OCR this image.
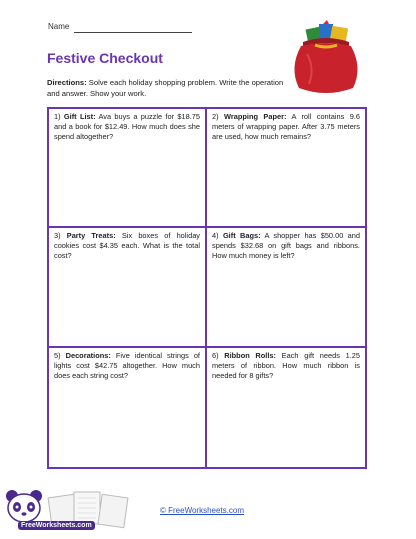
Name
Festive Checkout
Directions: Solve each holiday shopping problem. Write the operation and answer. Show your work.
1) Gift List: Ava buys a puzzle for $18.75 and a book for $12.49. How much does she spend altogether?
2) Wrapping Paper: A roll contains 9.6 meters of wrapping paper. After 3.75 meters are used, how much remains?
3) Party Treats: Six boxes of holiday cookies cost $4.35 each. What is the total cost?
4) Gift Bags: A shopper has $50.00 and spends $32.68 on gift bags and ribbons. How much money is left?
5) Decorations: Five identical strings of lights cost $42.75 altogether. How much does each string cost?
6) Ribbon Rolls: Each gift needs 1.25 meters of ribbon. How much ribbon is needed for 8 gifts?
FreeWorksheets.com
© FreeWorksheets.com
